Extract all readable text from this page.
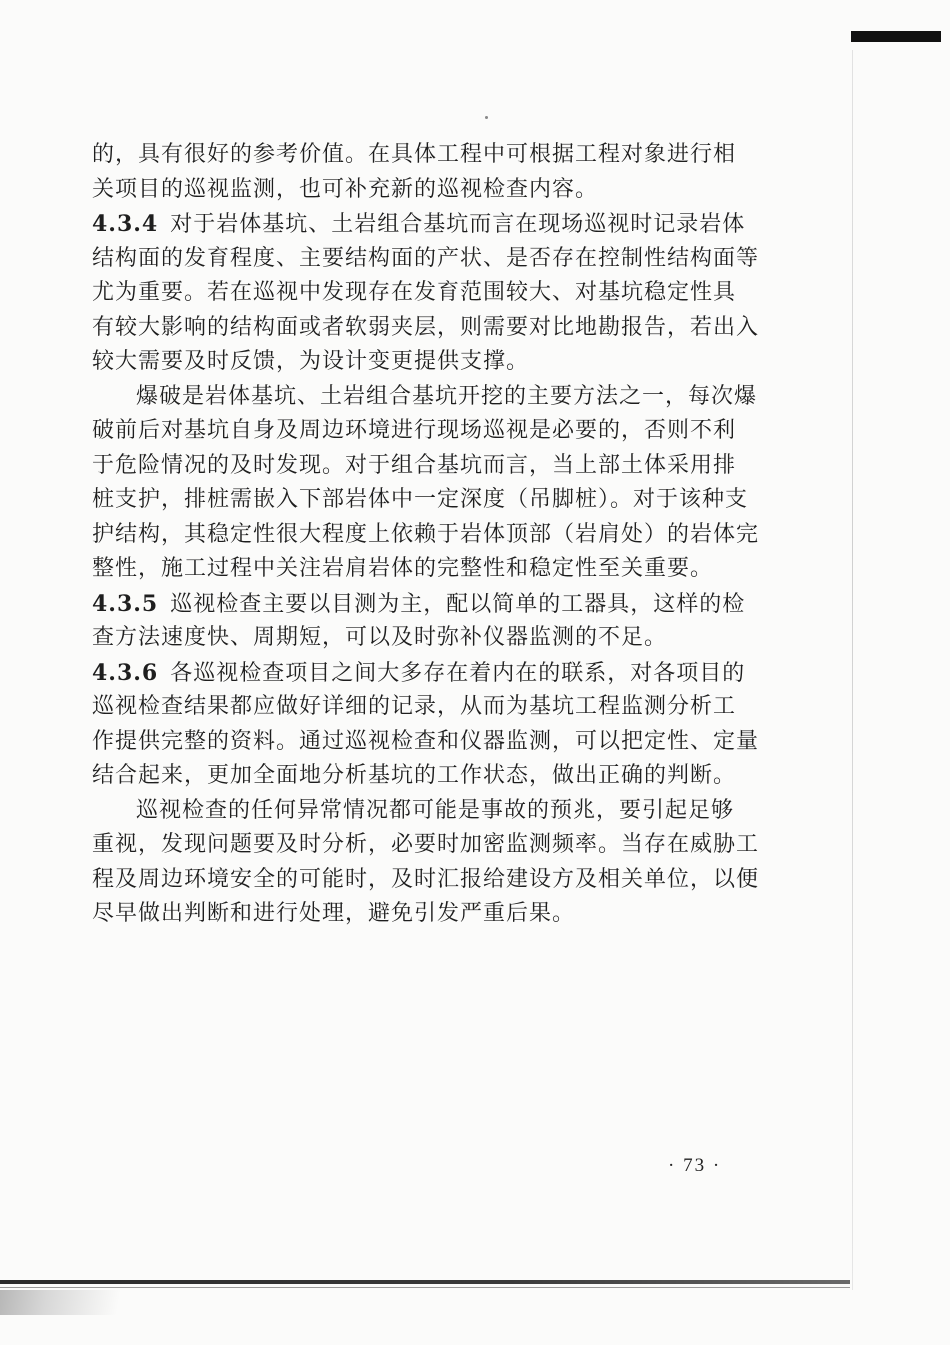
的，具有很好的参考价值。在具体工程中可根据工程对象进行相
关项目的巡视监测，也可补充新的巡视检查内容。
4.3.4 对于岩体基坑、土岩组合基坑而言在现场巡视时记录岩体
结构面的发育程度、主要结构面的产状、是否存在控制性结构面等
尤为重要。若在巡视中发现存在发育范围较大、对基坑稳定性具
有较大影响的结构面或者软弱夹层，则需要对比地勘报告，若出入
较大需要及时反馈，为设计变更提供支撑。
爆破是岩体基坑、土岩组合基坑开挖的主要方法之一，每次爆
破前后对基坑自身及周边环境进行现场巡视是必要的，否则不利
于危险情况的及时发现。对于组合基坑而言，当上部土体采用排
桩支护，排桩需嵌入下部岩体中一定深度（吊脚桩）。对于该种支
护结构，其稳定性很大程度上依赖于岩体顶部（岩肩处）的岩体完
整性，施工过程中关注岩肩岩体的完整性和稳定性至关重要。
4.3.5 巡视检查主要以目测为主，配以简单的工器具，这样的检
查方法速度快、周期短，可以及时弥补仪器监测的不足。
4.3.6 各巡视检查项目之间大多存在着内在的联系，对各项目的
巡视检查结果都应做好详细的记录，从而为基坑工程监测分析工
作提供完整的资料。通过巡视检查和仪器监测，可以把定性、定量
结合起来，更加全面地分析基坑的工作状态，做出正确的判断。
巡视检查的任何异常情况都可能是事故的预兆，要引起足够
重视，发现问题要及时分析，必要时加密监测频率。当存在威胁工
程及周边环境安全的可能时，及时汇报给建设方及相关单位，以便
尽早做出判断和进行处理，避免引发严重后果。
· 73 ·
